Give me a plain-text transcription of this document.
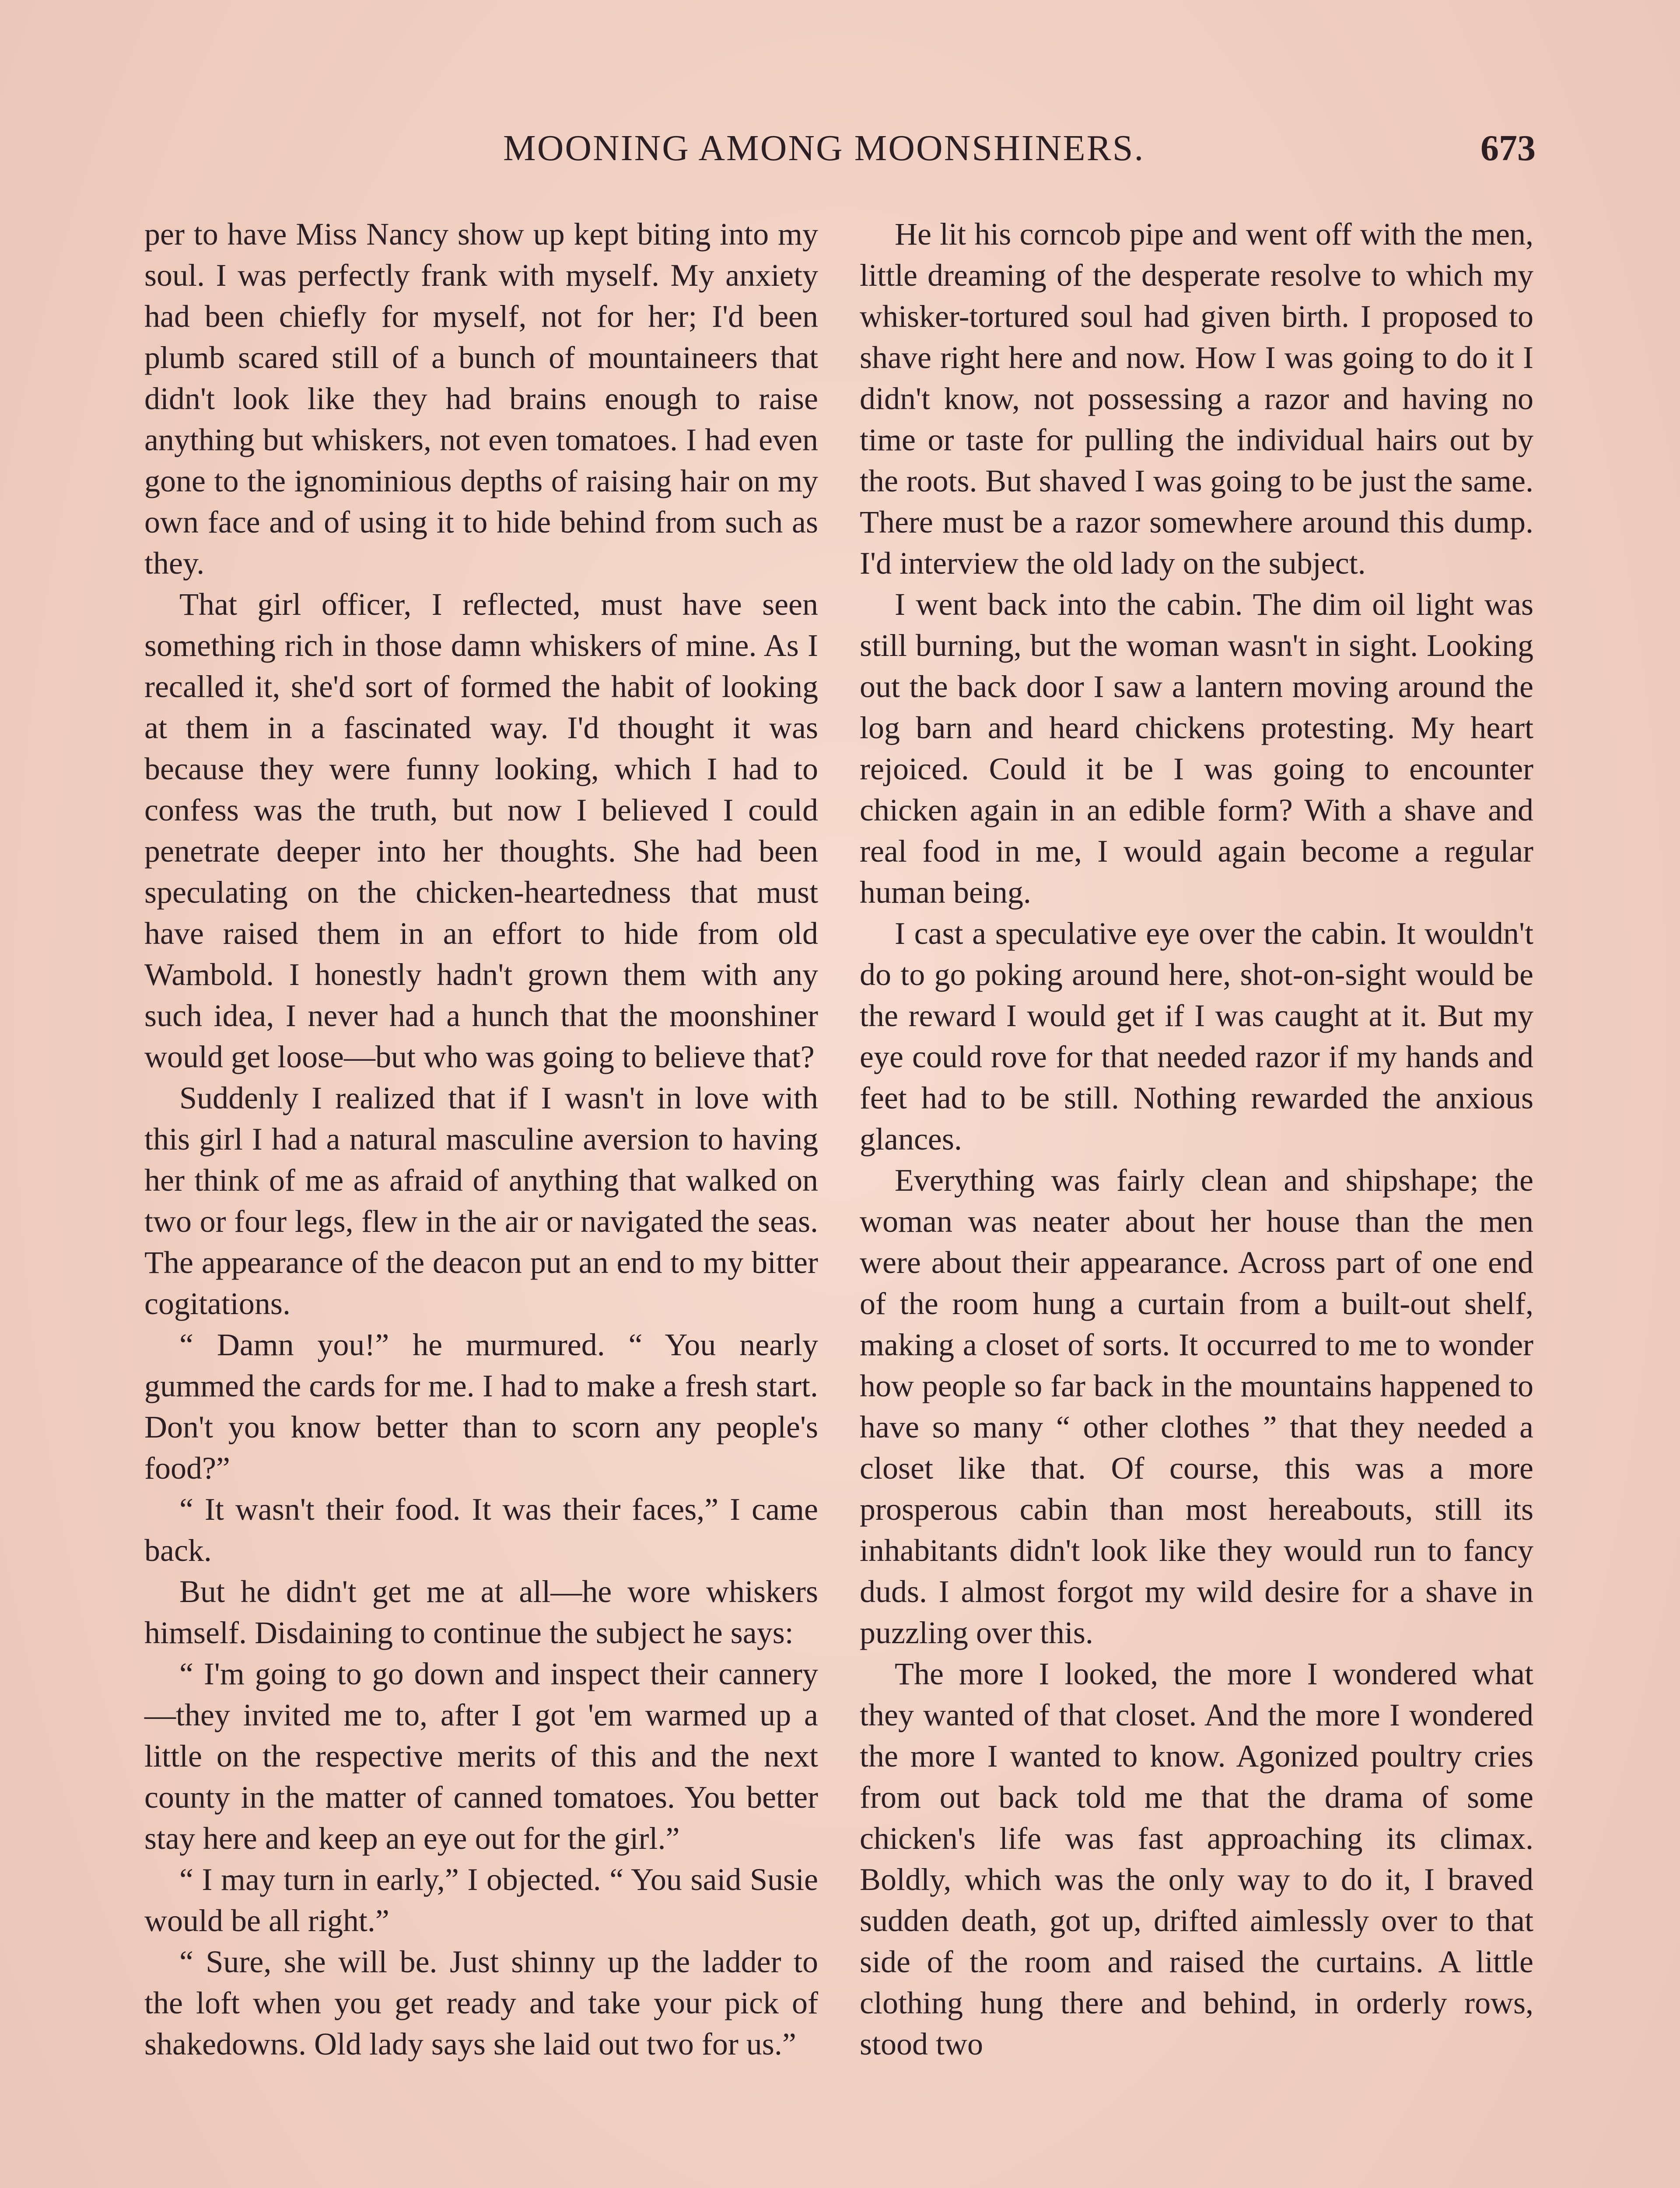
MOONING AMONG MOONSHINERS.	673

per to have Miss Nancy show up kept biting into my soul. I was perfectly frank with myself. My anxiety had been chiefly for myself, not for her; I'd been plumb scared still of a bunch of mountaineers that didn't look like they had brains enough to raise anything but whiskers, not even tomatoes. I had even gone to the ignominious depths of raising hair on my own face and of using it to hide behind from such as they.

That girl officer, I reflected, must have seen something rich in those damn whiskers of mine. As I recalled it, she'd sort of formed the habit of looking at them in a fascinated way. I'd thought it was because they were funny looking, which I had to confess was the truth, but now I believed I could penetrate deeper into her thoughts. She had been speculating on the chicken-heartedness that must have raised them in an effort to hide from old Wambold. I honestly hadn't grown them with any such idea, I never had a hunch that the moonshiner would get loose—but who was going to believe that?

Suddenly I realized that if I wasn't in love with this girl I had a natural masculine aversion to having her think of me as afraid of anything that walked on two or four legs, flew in the air or navigated the seas. The appearance of the deacon put an end to my bitter cogitations.

“ Damn you!” he murmured. “ You nearly gummed the cards for me. I had to make a fresh start. Don't you know better than to scorn any people's food?”

“ It wasn't their food. It was their faces,” I came back.

But he didn't get me at all—he wore whiskers himself. Disdaining to continue the subject he says:

“ I'm going to go down and inspect their cannery—they invited me to, after I got 'em warmed up a little on the respective merits of this and the next county in the matter of canned tomatoes. You better stay here and keep an eye out for the girl.”

“ I may turn in early,” I objected. “ You said Susie would be all right.”

“ Sure, she will be. Just shinny up the ladder to the loft when you get ready and take your pick of shakedowns. Old lady says she laid out two for us.”

He lit his corncob pipe and went off with the men, little dreaming of the desperate resolve to which my whisker-tortured soul had given birth. I proposed to shave right here and now. How I was going to do it I didn't know, not possessing a razor and having no time or taste for pulling the individual hairs out by the roots. But shaved I was going to be just the same. There must be a razor somewhere around this dump. I'd interview the old lady on the subject.

I went back into the cabin. The dim oil light was still burning, but the woman wasn't in sight. Looking out the back door I saw a lantern moving around the log barn and heard chickens protesting. My heart rejoiced. Could it be I was going to encounter chicken again in an edible form? With a shave and real food in me, I would again become a regular human being.

I cast a speculative eye over the cabin. It wouldn't do to go poking around here, shot-on-sight would be the reward I would get if I was caught at it. But my eye could rove for that needed razor if my hands and feet had to be still. Nothing rewarded the anxious glances.

Everything was fairly clean and shipshape; the woman was neater about her house than the men were about their appearance. Across part of one end of the room hung a curtain from a built-out shelf, making a closet of sorts. It occurred to me to wonder how people so far back in the mountains happened to have so many “ other clothes ” that they needed a closet like that. Of course, this was a more prosperous cabin than most hereabouts, still its inhabitants didn't look like they would run to fancy duds. I almost forgot my wild desire for a shave in puzzling over this.

The more I looked, the more I wondered what they wanted of that closet. And the more I wondered the more I wanted to know. Agonized poultry cries from out back told me that the drama of some chicken's life was fast approaching its climax. Boldly, which was the only way to do it, I braved sudden death, got up, drifted aimlessly over to that side of the room and raised the curtains. A little clothing hung there and behind, in orderly rows, stood two
